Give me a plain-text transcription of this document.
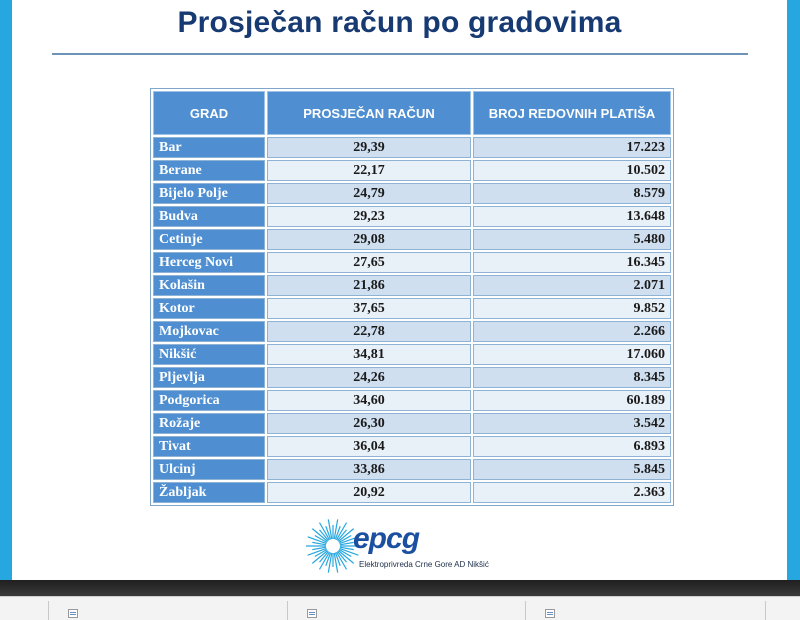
Prosječan račun po gradovima
GRAD	PROSJEČAN RAČUN	BROJ REDOVNIH PLATIŠA
Bar	29,39	17.223
Berane	22,17	10.502
Bijelo Polje	24,79	8.579
Budva	29,23	13.648
Cetinje	29,08	5.480
Herceg Novi	27,65	16.345
Kolašin	21,86	2.071
Kotor	37,65	9.852
Mojkovac	22,78	2.266
Nikšić	34,81	17.060
Pljevlja	24,26	8.345
Podgorica	34,60	60.189
Rožaje	26,30	3.542
Tivat	36,04	6.893
Ulcinj	33,86	5.845
Žabljak	20,92	2.363
epcg
Elektroprivreda Crne Gore AD Nikšić
